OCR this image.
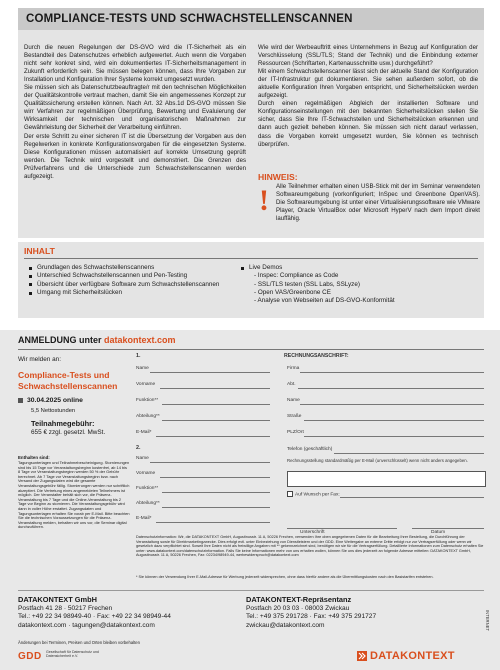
COMPLIANCE-TESTS UND SCHWACHSTELLENSCANNEN

Durch die neuen Regelungen der DS-GVO wird die IT-Sicherheit als ein Bestandteil des Datenschutzes erheblich aufgewertet. Auch wenn die Vorgaben nicht sehr konkret sind, wird ein dokumentiertes IT-Sicherheitsmanagement in Zukunft erforderlich sein. Sie müssen belegen können, dass Ihre Vorgaben zur Installation und Konfiguration Ihrer Systeme korrekt umgesetzt wurden.

Sie müssen sich als Datenschutzbeauftragte/r mit den technischen Möglichkeiten der Qualitätskontrolle vertraut machen, damit Sie ein angemessenes Konzept zur Qualitätssicherung erstellen können. Nach Art. 32 Abs.1d DS-GVO müssen Sie wirr Verfahren zur regelmäßigen Überprüfung, Bewertung und Evaluierung der Wirksamkeit der technischen und organisatorischen Maßnahmen zur Gewährleistung der Sicherheit der Verarbeitung einführen.

Der erste Schritt zu einer sicheren IT ist die Übersetzung der Vorgaben aus den Regelwerken in konkrete Konfigurationsvorgaben für die eingesetzten Systeme. Diese Konfigurationen müssen automatisiert auf korrekte Umsetzung geprüft werden. Die Technik wird vorgestellt und demonstriert. Die Grenzen des Prüfverfahrens und die Unterschiede zum Schwachstellenscannen werden aufgezeigt.

Wie wird der Werbeauftritt eines Unternehmens in Bezug auf Konfiguration der Verschlüsselung (SSL/TLS; Stand der Technik) und die Einbindung externer Ressourcen (Schriftarten, Kartenausschnitte usw.) durchgeführt?

Mit einem Schwachstellenscanner lässt sich der aktuelle Stand der Konfiguration der IT-Infrastruktur gut dokumentieren. Sie sehen außerdem sofort, ob die aktuelle Konfiguration Ihren Vorgaben entspricht, und Sicherheitslücken werden aufgezeigt.

Durch einen regelmäßigen Abgleich der installierten Software und Konfigurationseinstellungen mit den bekannten Sicherheitslücken stellen Sie sicher, dass Sie Ihre IT-Schwachstellen und Sicherheitslücken erkennen und dann auch gezielt beheben können. Sie müssen sich nicht darauf verlassen, dass die Vorgaben korrekt umgesetzt wurden, Sie können es technisch überprüfen.

HINWEIS:
! Alle Teilnehmer erhalten einen USB-Stick mit der im Seminar verwendeten Softwareumgebung (vorkonfiguriert; InSpec und Greenbone OpenVAS). Die Softwareumgebung ist unter einer Virtualisierungssoftware wie VMware Player, Oracle VirtualBox oder Microsoft HyperV nach dem Import direkt lauffähig.
INHALT
Grundlagen des Schwachstellenscannens
Unterschied Schwachstellenscannen und Pen-Testing
Übersicht über verfügbare Software zum Schwachstellenscannen
Umgang mit Sicherheitslücken
Live Demos
- Inspec: Compliance as Code
- SSL/TLS testen (SSL Labs, SSLyze)
- Open VAS/Greenbone CE
- Analyse von Webseiten auf DS-GVO-Konformität
ANMELDUNG unter datakontext.com
Wir melden an:
Compliance-Tests und
Schwachstellenscannen
30.04.2025 online
5,5 Nettostunden
Teilnahmegebühr:
655 € zzgl. gesetzl. MwSt.
Enthalten sind:
Tagungsunterlagen und Teilnahmebescheinigung. Stornierungen sind bis 15 Tage vor Veranstaltungsbeginn kostenfrei, ab 14 bis 8 Tage vor Veranstaltungsbeginn werden 50 % der Gebühr berechnet. Ab 7 Tage vor Veranstaltungsbeginn bzw. nach Versand der Zugangsdaten wird die gesamte Veranstaltungsgebühr fällig. Stornierungen werden nur schriftlich akzeptiert. Die Vertretung eines angemeldeten Teilnehmers ist möglich. Der Veranstalter behält sich vor, die Präsenz-Veranstaltung bis 7 Tage und die Online-Veranstaltung bis 2 Tage vor Beginn zu stornieren. Die Veranstaltungsgebühr wird dann in voller Höhe erstattet. Zugangsdaten und Tagungsunterlagen erhalten Sie vorab per E-Mail. Bitte beachten Sie die technischen Voraussetzungen für die Präsenz-Veranstaltung melden, behalten wir uns vor, die Seminar digital durchzuführen.
1.
Name
Vorname
Funktion**
Abteilung**
E-Mail*
2.
Name
Vorname
Funktion**
Abteilung**
E-Mail*
RECHNUNGSANSCHRIFT:
Firma
Abt.
Name
Straße
PLZ/Ort
Telefon (geschäftlich)
Rechnungsstellung standardmäßig per E-Mail (unverschlüsselt) wenn nicht anders angegeben.
Auf Wunsch per Fax:
Unterschrift	Datum
Datenschutzinformation: Wir, die DATAKONTEXT GmbH, Augustinusstr. 11 A, 50226 Frechen, verwenden Ihre oben angegebenen Daten für die Bearbeitung Ihrer Bestellung, die Durchführung der Veranstaltung sowie für Direktmarketingzwecke. Dies erfolgt evtl. unter Einbeziehung von Dienstleistern und der GDD. Eine Weitergabe an externe Dritte erfolgt nur zur Vertragserfüllung oder wenn wir gesetzlich dazu verpflichtet sind. Soweit Ihre Daten nicht als freiwillige Angaben mit ** gekennzeichnet sind, benötigen wir sie für die Vertragserfüllung. Detaillierte Informationen zum Datenschutz erhalten Sie unter: www.datakontext.com/datenschutzinformation. Falls Sie keine Informationen mehr von uns erhalten wollen, können Sie uns dies jederzeit an folgende Adresse mitteilen: DATAKONTEXT GmbH, Augustinusstr. 11 A, 50226 Frechen, Fax: 02234/98949-44, werbewiderspruch@datakontext.com
* Sie können der Verwendung Ihrer E-Mail-Adresse für Werbung jederzeit widersprechen, ohne dass hierfür andere als die Übermittlungskosten nach den Basistarifen entstehen.
DATAKONTEXT GmbH
Postfach 41 28 · 50217 Frechen
Tel.: +49 22 34 98949-40 · Fax: +49 22 34 98949-44
datakontext.com · tagungen@datakontext.com
DATAKONTEXT-Repräsentanz
Postfach 20 03 03 · 08003 Zwickau
Tel.: +49 375 291728 · Fax: +49 375 291727
zwickau@datakontext.com
Änderungen bei Terminen, Preisen und Orten bleiben vorbehalten
INTERNET
GDD Gesellschaft für Datenschutz und Datensicherheit e.V.	DATAKONTEXT
